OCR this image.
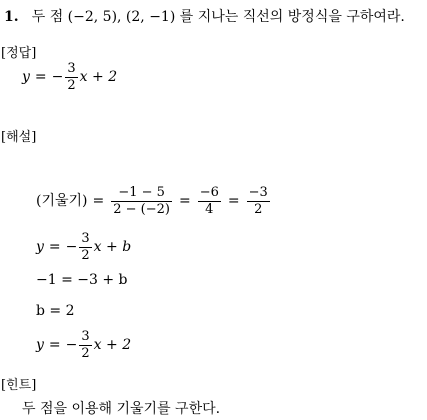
1. 두 점 (−2, 5), (2, −1) 를 지나는 직선의 방정식을 구하여라.
[정답]
y = − $\frac{3}{2}$ x + 2
[해설]
(기울기) = $\frac{-1 - 5}{2 - (-2)} = \frac{-6}{4} = \frac{-3}{2}$
y = − $\frac{3}{2}$ x + b
−1 = −3 + b
b = 2
y = − $\frac{3}{2}$ x + 2
[힌트]
두 점을 이용해 기울기를 구한다.
